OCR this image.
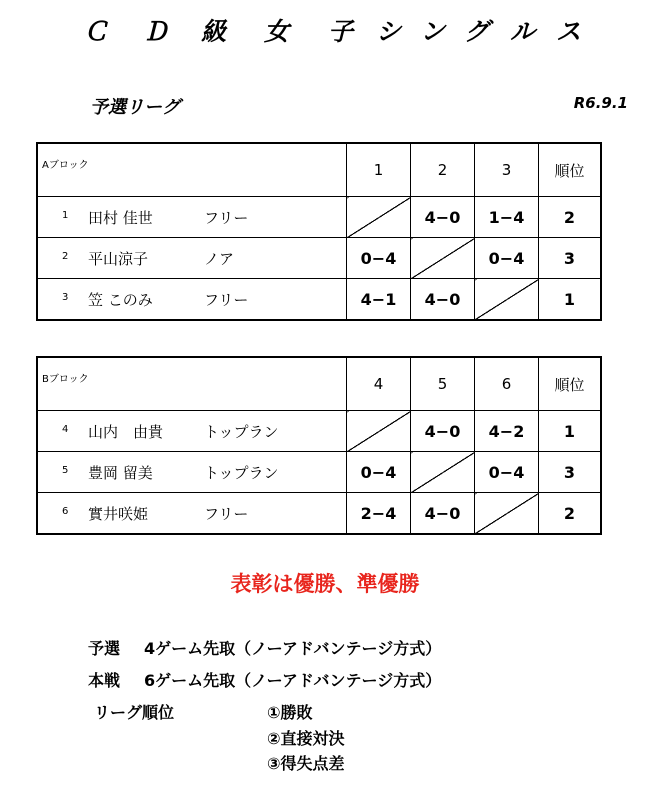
Ｃ Ｄ 級 女 子 シ ン グ ル ス
予選リーグ	R6.9.1
Aブロック	1	2	3	順位

1 田村 佳世 フリー		4−0	1−4	2

2 平山涼子 ノア	0−4		0−4	3

3 笠 このみ フリー	4−1	4−0		1
Bブロック	4	5	6	順位

4 山内　由貴 トップラン		4−0	4−2	1

5 豊岡 留美 トップラン	0−4		0−4	3

6 實井咲姫 フリー	2−4	4−0		2
表彰は優勝、準優勝
予選 4ゲーム先取（ノーアドバンテージ方式）
本戦 6ゲーム先取（ノーアドバンテージ方式）
リーグ順位	①勝敗
②直接対決
③得失点差
